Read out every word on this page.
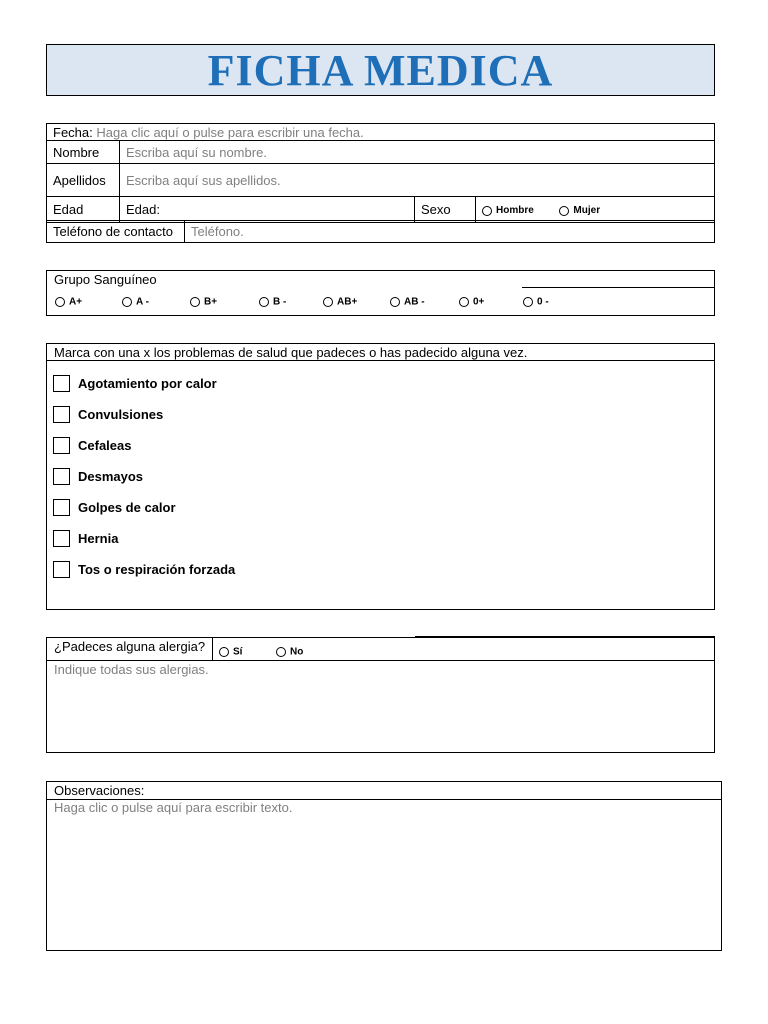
FICHA MEDICA
Fecha: Haga clic aquí o pulse para escribir una fecha.			
Nombre	Escriba aquí su nombre.		
Apellidos	Escriba aquí sus apellidos.		
Edad	Edad:	Sexo	Hombre Mujer
Teléfono de contacto	Teléfono.
Grupo Sanguíneo
A+	A -	B+	B -	AB+	AB -	0+	0 -
Marca con una x los problemas de salud que padeces o has padecido alguna vez.
Agotamiento por calor
Convulsiones
Cefaleas
Desmayos
Golpes de calor
Hernia
Tos o respiración forzada
¿Padeces alguna alergia?	Sí	No
Indique todas sus alergias.
Observaciones:
Haga clic o pulse aquí para escribir texto.
